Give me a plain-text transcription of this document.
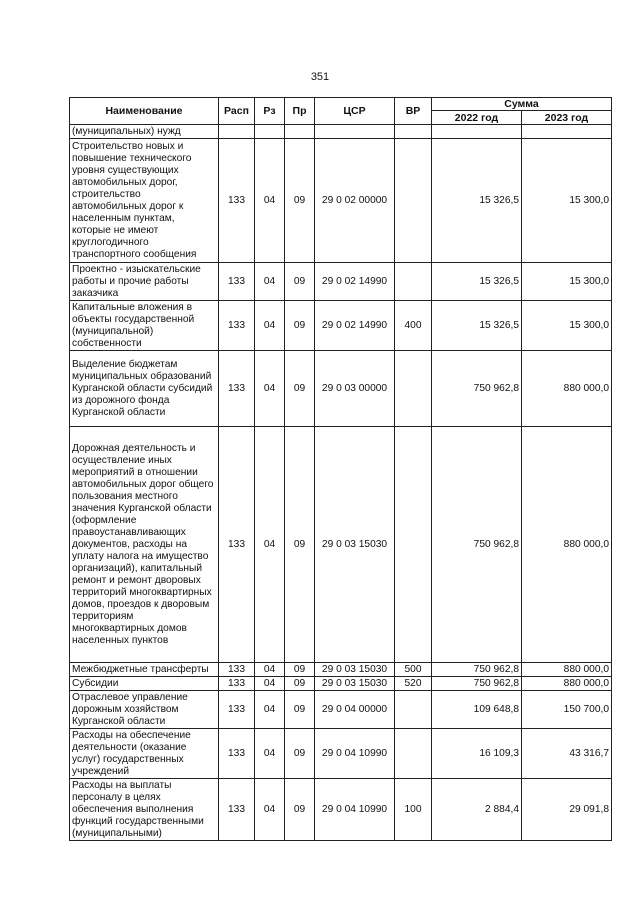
351
Наименование	Расп	Рз	Пр	ЦСР	ВР	Сумма	
						2022 год	2023 год
(муниципальных) нужд							
Строительство новых и повышение технического уровня существующих автомобильных дорог, строительство автомобильных дорог к населенным пунктам, которые не имеют круглогодичного транспортного сообщения	133	04	09	29 0 02 00000		15 326,5	15 300,0
Проектно - изыскательские работы и прочие работы заказчика	133	04	09	29 0 02 14990		15 326,5	15 300,0
Капитальные вложения в объекты государственной (муниципальной) собственности	133	04	09	29 0 02 14990	400	15 326,5	15 300,0
Выделение бюджетам муниципальных образований Курганской области субсидий из дорожного фонда Курганской области	133	04	09	29 0 03 00000		750 962,8	880 000,0
Дорожная деятельность и осуществление иных мероприятий в отношении автомобильных дорог общего пользования местного значения Курганской области (оформление правоустанавливающих документов, расходы на уплату налога на имущество организаций), капитальный ремонт и ремонт дворовых территорий многоквартирных домов, проездов к дворовым территориям многоквартирных домов населенных пунктов	133	04	09	29 0 03 15030		750 962,8	880 000,0
Межбюджетные трансферты	133	04	09	29 0 03 15030	500	750 962,8	880 000,0
Субсидии	133	04	09	29 0 03 15030	520	750 962,8	880 000,0
Отраслевое управление дорожным хозяйством Курганской области	133	04	09	29 0 04 00000		109 648,8	150 700,0
Расходы на обеспечение деятельности (оказание услуг) государственных учреждений	133	04	09	29 0 04 10990		16 109,3	43 316,7
Расходы на выплаты персоналу в целях обеспечения выполнения функций государственными (муниципальными)	133	04	09	29 0 04 10990	100	2 884,4	29 091,8
